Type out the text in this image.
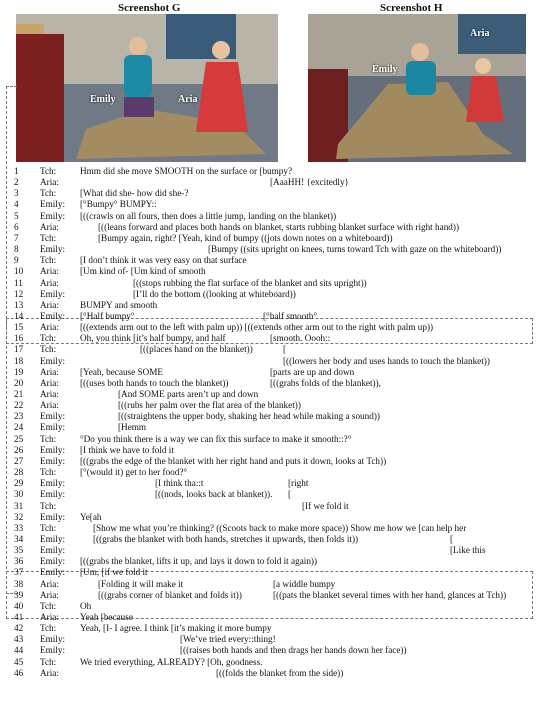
Screenshot G	Screenshot H
Emily	Aria
Aria
Emily
1	Tch:	Hmm did she move SMOOTH on the surface or [bumpy?
2	Aria:	[AaaHH! {excitedly}
3	Tch:	[What did she- how did she-?
4	Emily: [°Bumpy° BUMPY::
5	Emily: [((crawls on all fours, then does a little jump, landing on the blanket))
6	Aria:	[((leans forward and places both hands on blanket, starts rubbing blanket surface with right hand))
7	Tch:	[Bumpy again, right? [Yeah, kind of bumpy ((jots down notes on a whiteboard))
8	Emily:	[Bumpy ((sits upright on knees, turns toward Tch with gaze on the whiteboard))
9	Tch:	[I don’t think it was very easy on that surface
10	Aria: [Um kind of- [Um kind of smooth
11	Aria:	[((stops rubbing the flat surface of the blanket and sits upright))
12	Emily:	[I’ll do the bottom ((looking at whiteboard))
13	Aria: BUMPY and smooth
14	Emily: [°Half bumpy°	[°half smooth°
15	Aria: [((extends arm out to the left with palm up)) [((extends other arm out to the right with palm up))
16	Tch:	Oh, you think [it’s half bumpy, and half	[smooth. Oooh::
17	Tch:	[((places hand on the blanket))	[
18	Emily:	[((lowers her body and uses hands to touch the blanket))
19	Aria: [Yeah, because SOME	[parts are up and down
20	Aria: [((uses both hands to touch the blanket))	[((grabs folds of the blanket)),
21	Aria:	[And SOME parts aren’t up and down
22	Aria:	[((rubs her palm over the flat area of the blanket))
23	Emily:	[((straightens the upper body, shaking her head while making a sound))
24	Emily:	[Hemm
25	Tch:	°Do you think there is a way we can fix this surface to make it smooth::?°
26	Emily: [I think we have to fold it
27	Emily: [((grabs the edge of the blanket with her right hand and puts it down, looks at Tch))
28	Tch:	[°(would it) get to her food?°
29	Emily:	[I think tha::t	[right
30	Emily:	[((nods, looks back at blanket)). [
31	Tch:	[If we fold it
32	Emily: Ye[ah
33	Tch:	[Show me what you’re thinking? ((Scoots back to make more space)) Show me how we [can help her
34	Emily:	[((grabs the blanket with both hands, stretches it upwards, then folds it))	[
35	Emily:	[Like this
36	Emily: [((grabs the blanket, lifts it up, and lays it down to fold it again))
37	Emily: [Um, [if we fold it
38	Aria:	[Folding it will make it	[a widdle bumpy
39	Aria:	[((grabs corner of blanket and folds it))	[((pats the blanket several times with her hand, glances at Tch))
40	Tch:	Oh
41	Aria: Yeah [because
42	Tch:	Yeah, [I- I agree. I think [it’s making it more bumpy
43	Emily:	[We’ve tried every::thing!
44	Emily:	[((raises both hands and then drags her hands down her face))
45	Tch:	We tried everything, ALREADY? [Oh, goodness.
46	Aria:	[((folds the blanket from the side))
